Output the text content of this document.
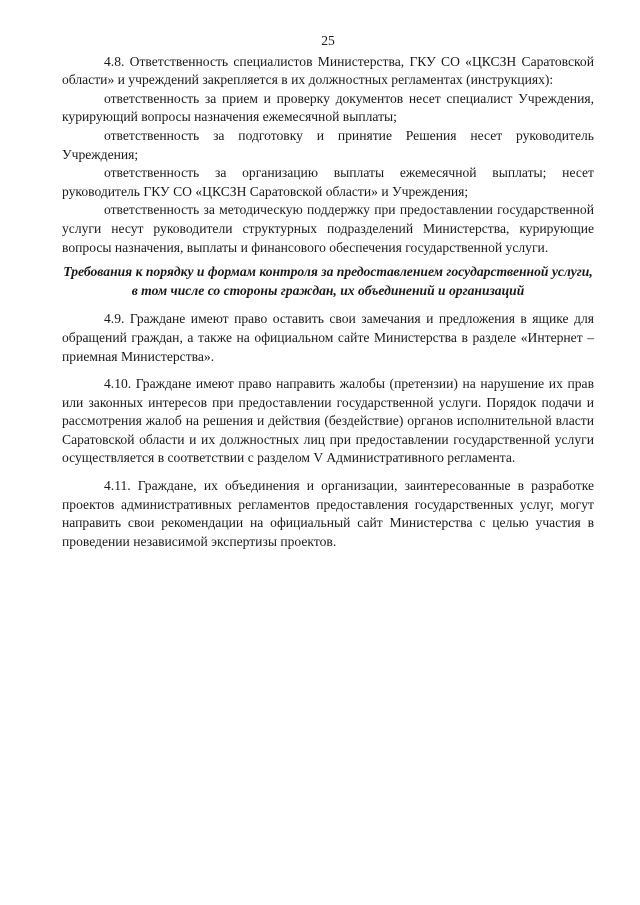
25

4.8. Ответственность специалистов Министерства, ГКУ СО «ЦКСЗН Саратовской области» и учреждений закрепляется в их должностных регламентах (инструкциях):

ответственность за прием и проверку документов несет специалист Учреждения, курирующий вопросы назначения ежемесячной выплаты;

ответственность за подготовку и принятие Решения несет руководитель Учреждения;

ответственность за организацию выплаты ежемесячной выплаты; несет руководитель ГКУ СО «ЦКСЗН Саратовской области» и Учреждения;

ответственность за методическую поддержку при предоставлении государственной услуги несут руководители структурных подразделений Министерства, курирующие вопросы назначения, выплаты и финансового обеспечения государственной услуги.

Требования к порядку и формам контроля за предоставлением государственной услуги, в том числе со стороны граждан, их объединений и организаций

4.9. Граждане имеют право оставить свои замечания и предложения в ящике для обращений граждан, а также на официальном сайте Министерства в разделе «Интернет – приемная Министерства».

4.10. Граждане имеют право направить жалобы (претензии) на нарушение их прав или законных интересов при предоставлении государственной услуги. Порядок подачи и расcмотрения жалоб на решения и действия (бездействие) органов исполнительной власти Саратовской области и их должностных лиц при предоставлении государственной услуги осуществляется в соответствии с разделом V Административного регламента.

4.11. Граждане, их объединения и организации, заинтересованные в разработке проектов административных регламентов предоставления государственных услуг, могут направить свои рекомендации на официальный сайт Министерства с целью участия в проведении независимой экспертизы проектов.
